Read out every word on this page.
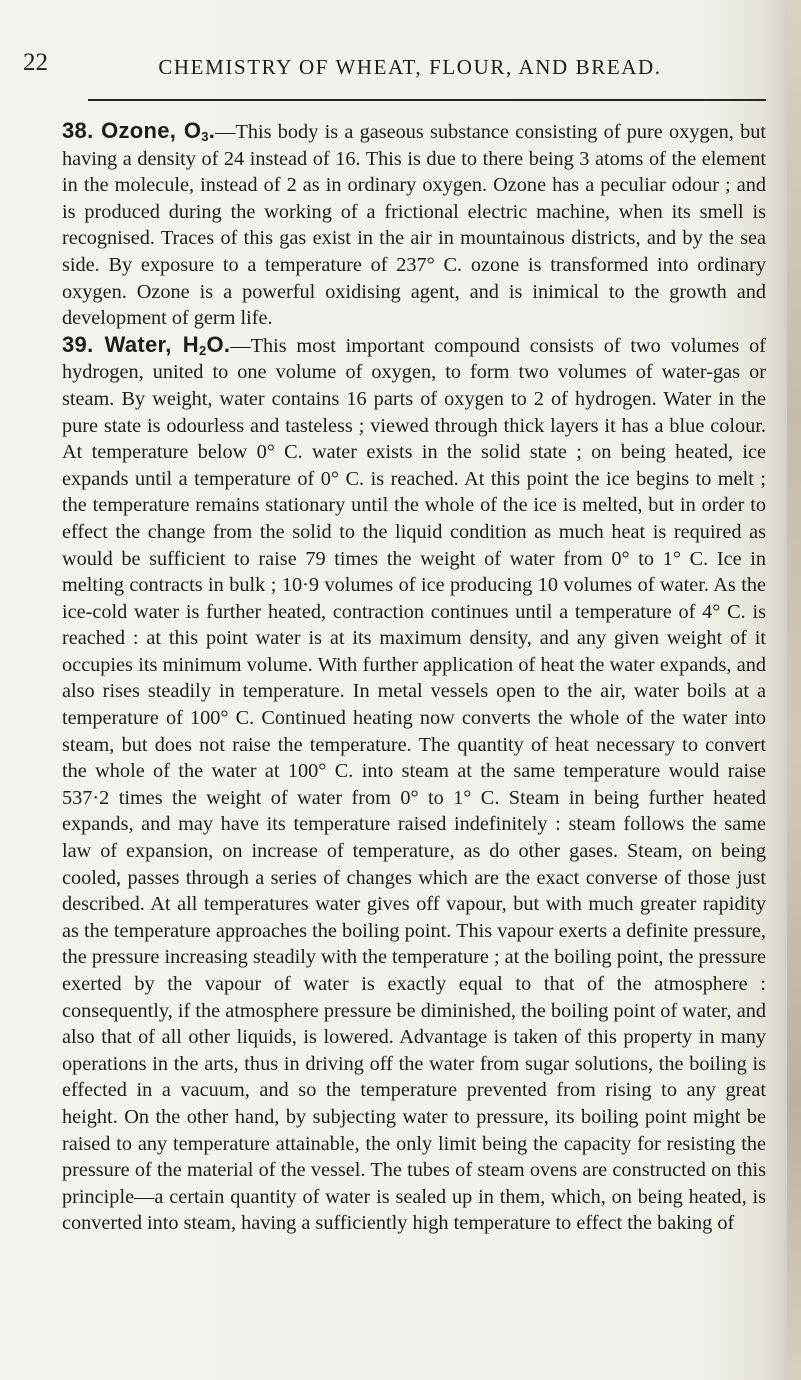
22	CHEMISTRY OF WHEAT, FLOUR, AND BREAD.

38. Ozone, $O_3.—This$ body is a gaseous substance consisting of pure oxygen, but having a density of 24 instead of 16. This is due to there being 3 atoms of the element in the molecule, instead of 2 as in ordinary oxygen. Ozone has a peculiar odour ; and is produced during the working of a frictional electric machine, when its smell is recognised. Traces of this gas exist in the air in mountainous districts, and by the sea side. By exposure to a temperature of 237° C. ozone is transformed into ordinary oxygen. Ozone is a powerful oxidising agent, and is inimical to the growth and development of germ life.

39. Water, $H_2O.—This$ most important compound consists of two volumes of hydrogen, united to one volume of oxygen, to form two volumes of water-gas or steam. By weight, water contains 16 parts of oxygen to 2 of hydrogen. Water in the pure state is odourless and tasteless ; viewed through thick layers it has a blue colour. At temperature below 0° C. water exists in the solid state ; on being heated, ice expands until a temperature of 0° C. is reached. At this point the ice begins to melt ; the temperature remains stationary until the whole of the ice is melted, but in order to effect the change from the solid to the liquid condition as much heat is required as would be sufficient to raise 79 times the weight of water from 0° to 1° C. Ice in melting contracts in bulk ; 10·9 volumes of ice producing 10 volumes of water. As the ice-cold water is further heated, contraction continues until a temperature of 4° C. is reached : at this point water is at its maximum density, and any given weight of it occupies its minimum volume. With further application of heat the water expands, and also rises steadily in temperature. In metal vessels open to the air, water boils at a temperature of 100° C. Continued heating now converts the whole of the water into steam, but does not raise the temperature. The quantity of heat necessary to convert the whole of the water at 100° C. into steam at the same temperature would raise 537·2 times the weight of water from 0° to 1° C. Steam in being further heated expands, and may have its temperature raised indefinitely : steam follows the same law of expansion, on increase of temperature, as do other gases. Steam, on being cooled, passes through a series of changes which are the exact converse of those just described. At all temperatures water gives off vapour, but with much greater rapidity as the temperature approaches the boiling point. This vapour exerts a definite pressure, the pressure increasing steadily with the temperature ; at the boiling point, the pressure exerted by the vapour of water is exactly equal to that of the atmosphere : consequently, if the atmosphere pressure be diminished, the boiling point of water, and also that of all other liquids, is lowered. Advantage is taken of this property in many operations in the arts, thus in driving off the water from sugar solutions, the boiling is effected in a vacuum, and so the temperature prevented from rising to any great height. On the other hand, by subjecting water to pressure, its boiling point might be raised to any temperature attainable, the only limit being the capacity for resisting the pressure of the material of the vessel. The tubes of steam ovens are constructed on this principle—a certain quantity of water is sealed up in them, which, on being heated, is converted into steam, having a sufficiently high temperature to effect the baking of
